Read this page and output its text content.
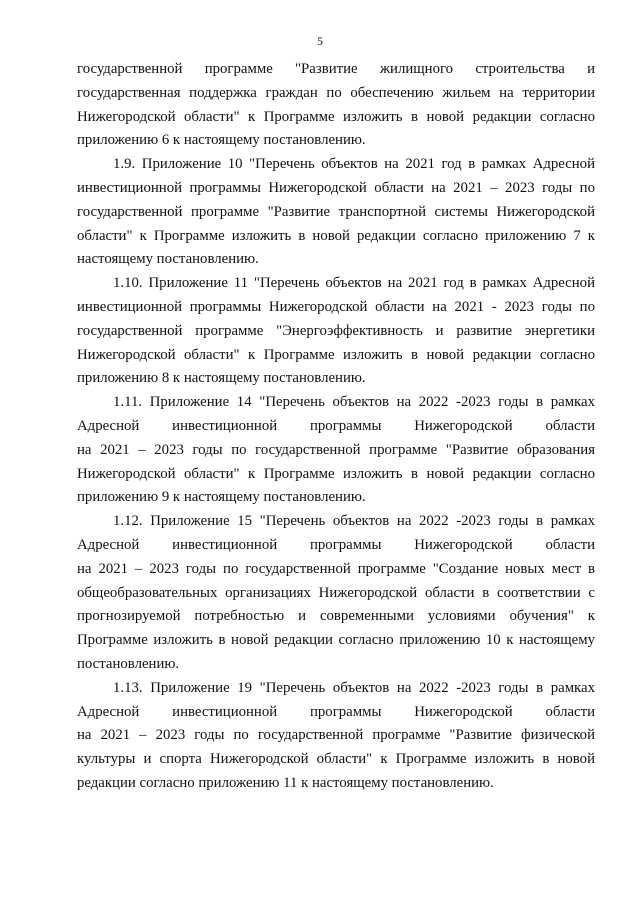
5
государственной программе "Развитие жилищного строительства и
государственная поддержка граждан по обеспечению жильем на территории
Нижегородской области" к Программе изложить в новой редакции согласно
приложению 6 к настоящему постановлению.
1.9. Приложение 10 "Перечень объектов на 2021 год в рамках Адресной
инвестиционной программы Нижегородской области на 2021 – 2023 годы по
государственной программе "Развитие транспортной системы Нижегородской
области" к Программе изложить в новой редакции согласно приложению 7 к
настоящему постановлению.
1.10. Приложение 11 "Перечень объектов на 2021 год в рамках Адресной
инвестиционной программы Нижегородской области на 2021 - 2023 годы по
государственной программе "Энергоэффективность и развитие энергетики
Нижегородской области" к Программе изложить в новой редакции согласно
приложению 8 к настоящему постановлению.
1.11. Приложение 14 "Перечень объектов на 2022 -2023 годы в рамках
Адресной инвестиционной программы Нижегородской области
на 2021 – 2023 годы по государственной программе "Развитие образования
Нижегородской области" к Программе изложить в новой редакции согласно
приложению 9 к настоящему постановлению.
1.12. Приложение 15 "Перечень объектов на 2022 -2023 годы в рамках
Адресной инвестиционной программы Нижегородской области
на 2021 – 2023 годы по государственной программе "Создание новых мест в
общеобразовательных организациях Нижегородской области в соответствии с
прогнозируемой потребностью и современными условиями обучения" к
Программе изложить в новой редакции согласно приложению 10 к настоящему
постановлению.
1.13. Приложение 19 "Перечень объектов на 2022 -2023 годы в рамках
Адресной инвестиционной программы Нижегородской области
на 2021 – 2023 годы по государственной программе "Развитие физической
культуры и спорта Нижегородской области" к Программе изложить в новой
редакции согласно приложению 11 к настоящему постановлению.
